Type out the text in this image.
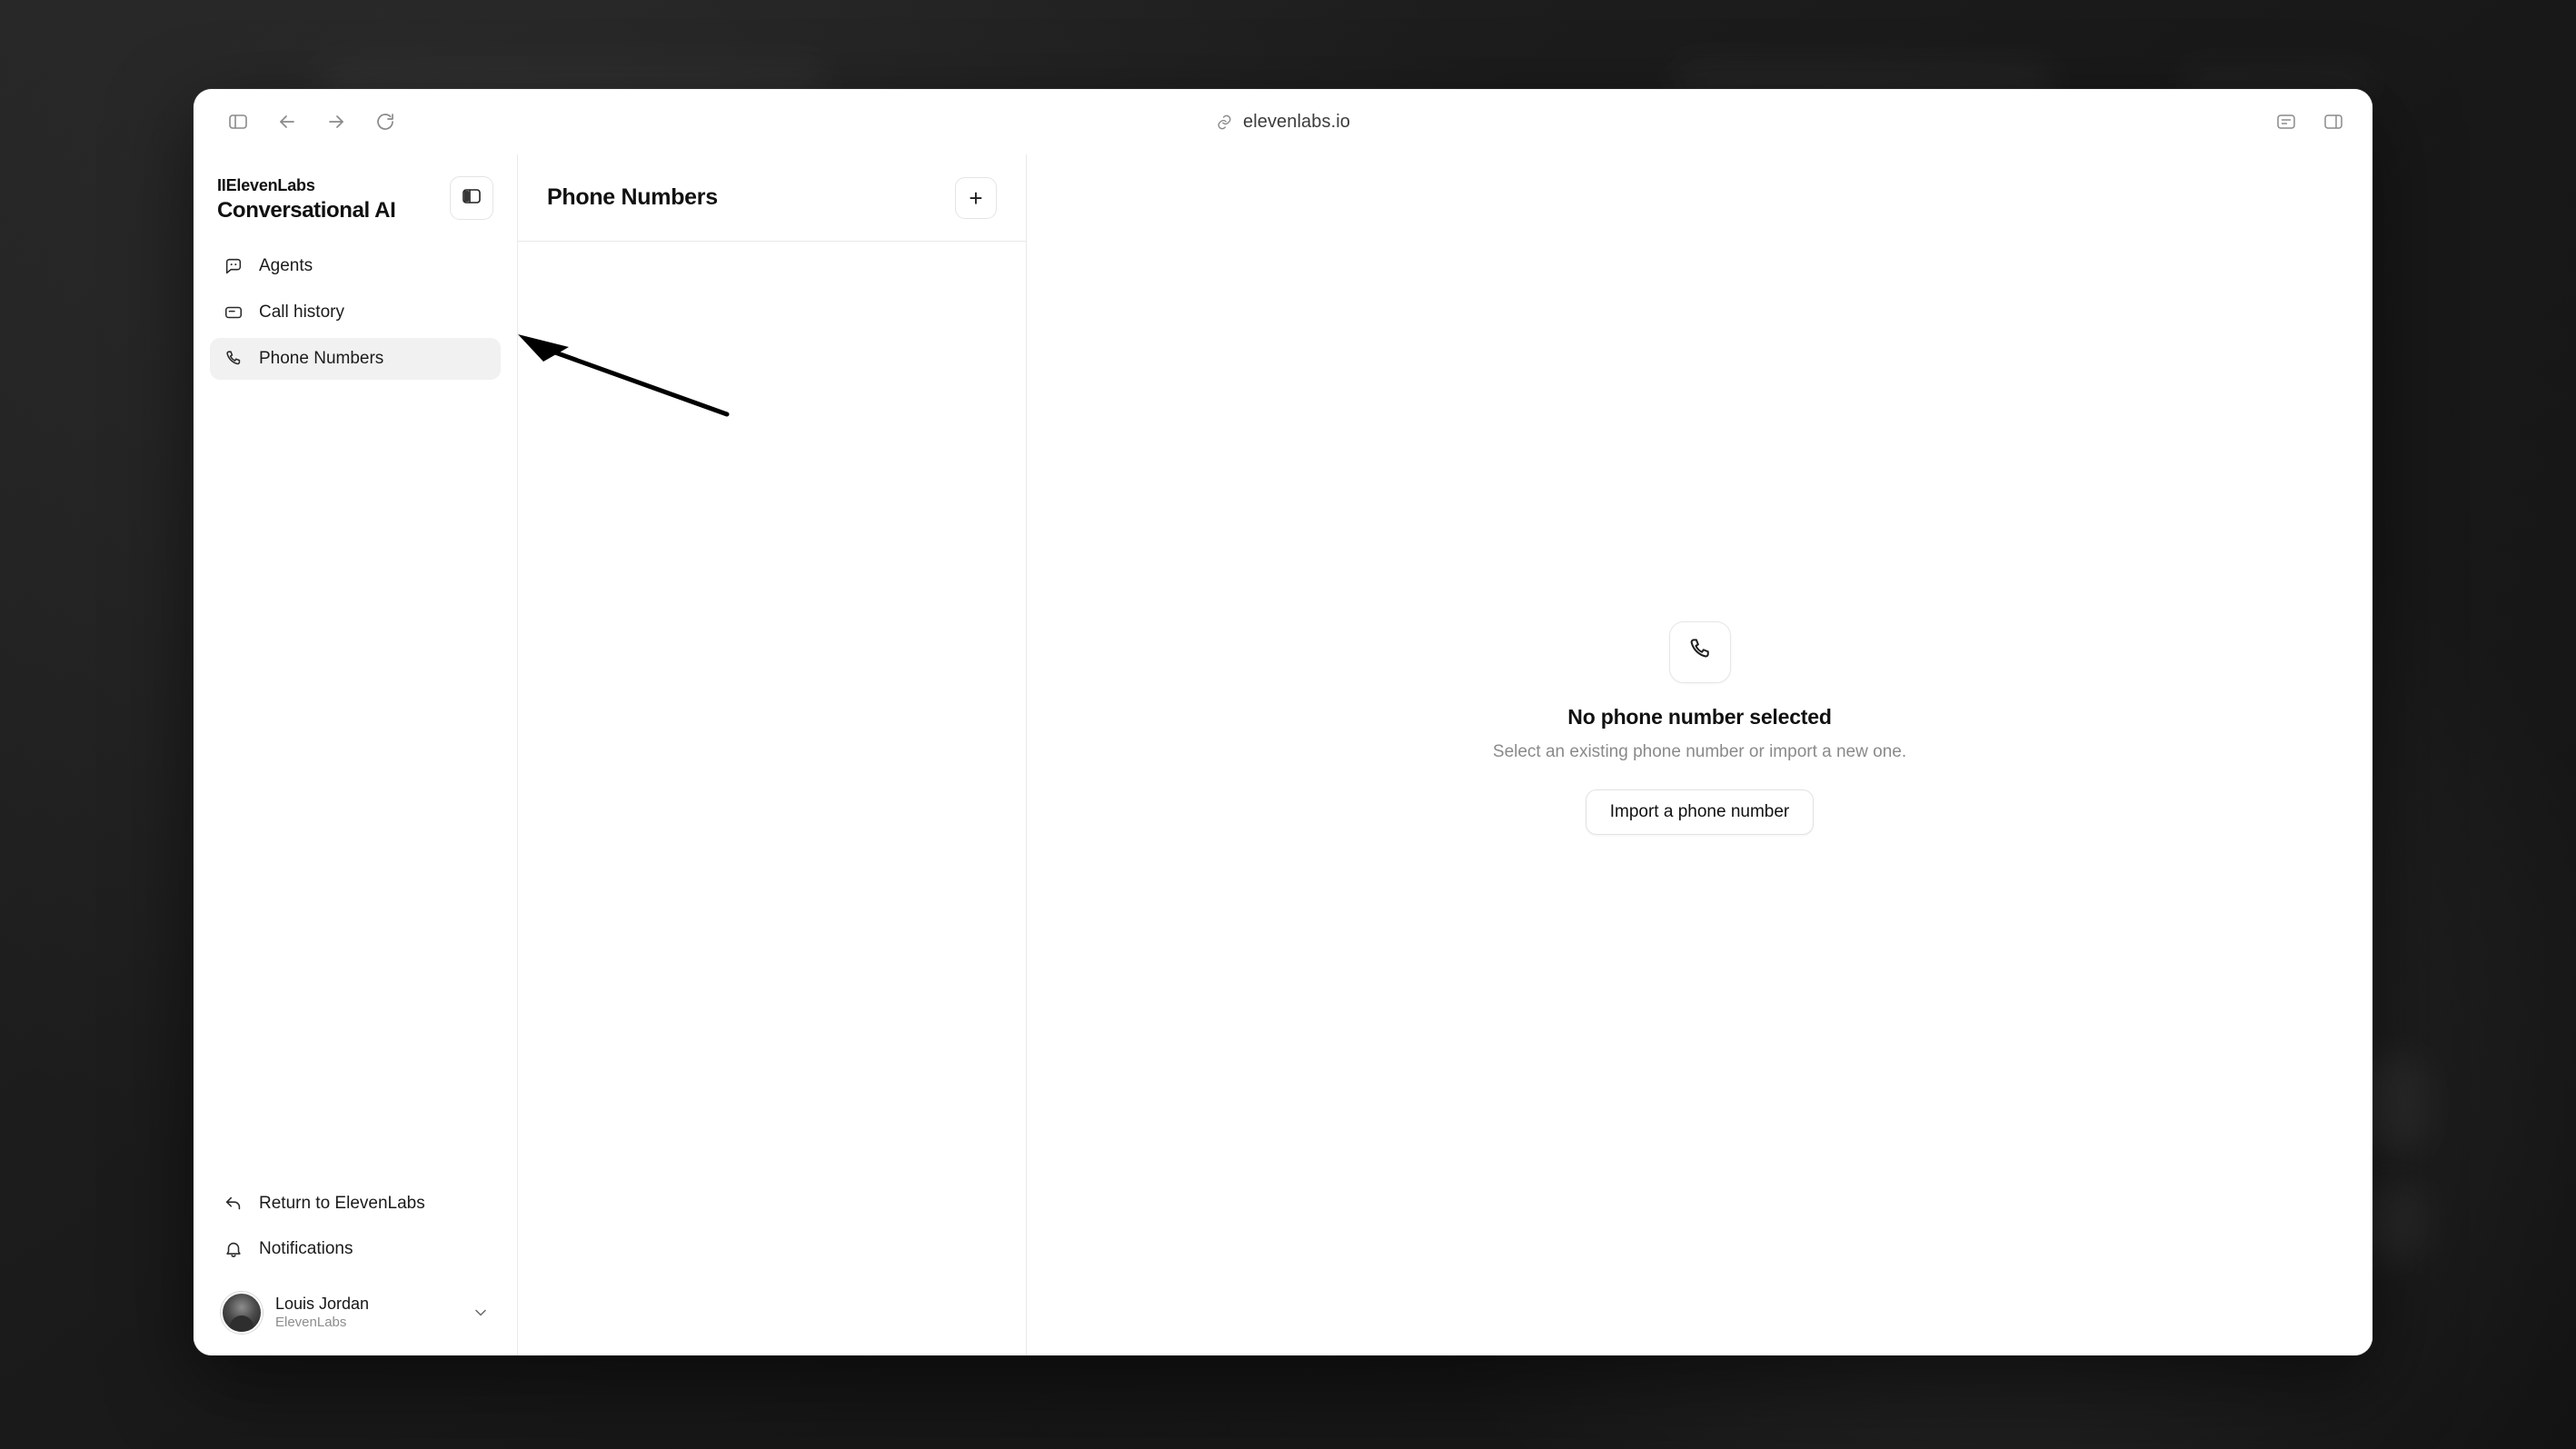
elevenlabs.io
IIElevenLabs
Conversational AI
Agents
Call history
Phone Numbers
Return to ElevenLabs
Notifications
Louis Jordan
ElevenLabs
Phone Numbers	+
No phone number selected
Select an existing phone number or import a new one.
Import a phone number
